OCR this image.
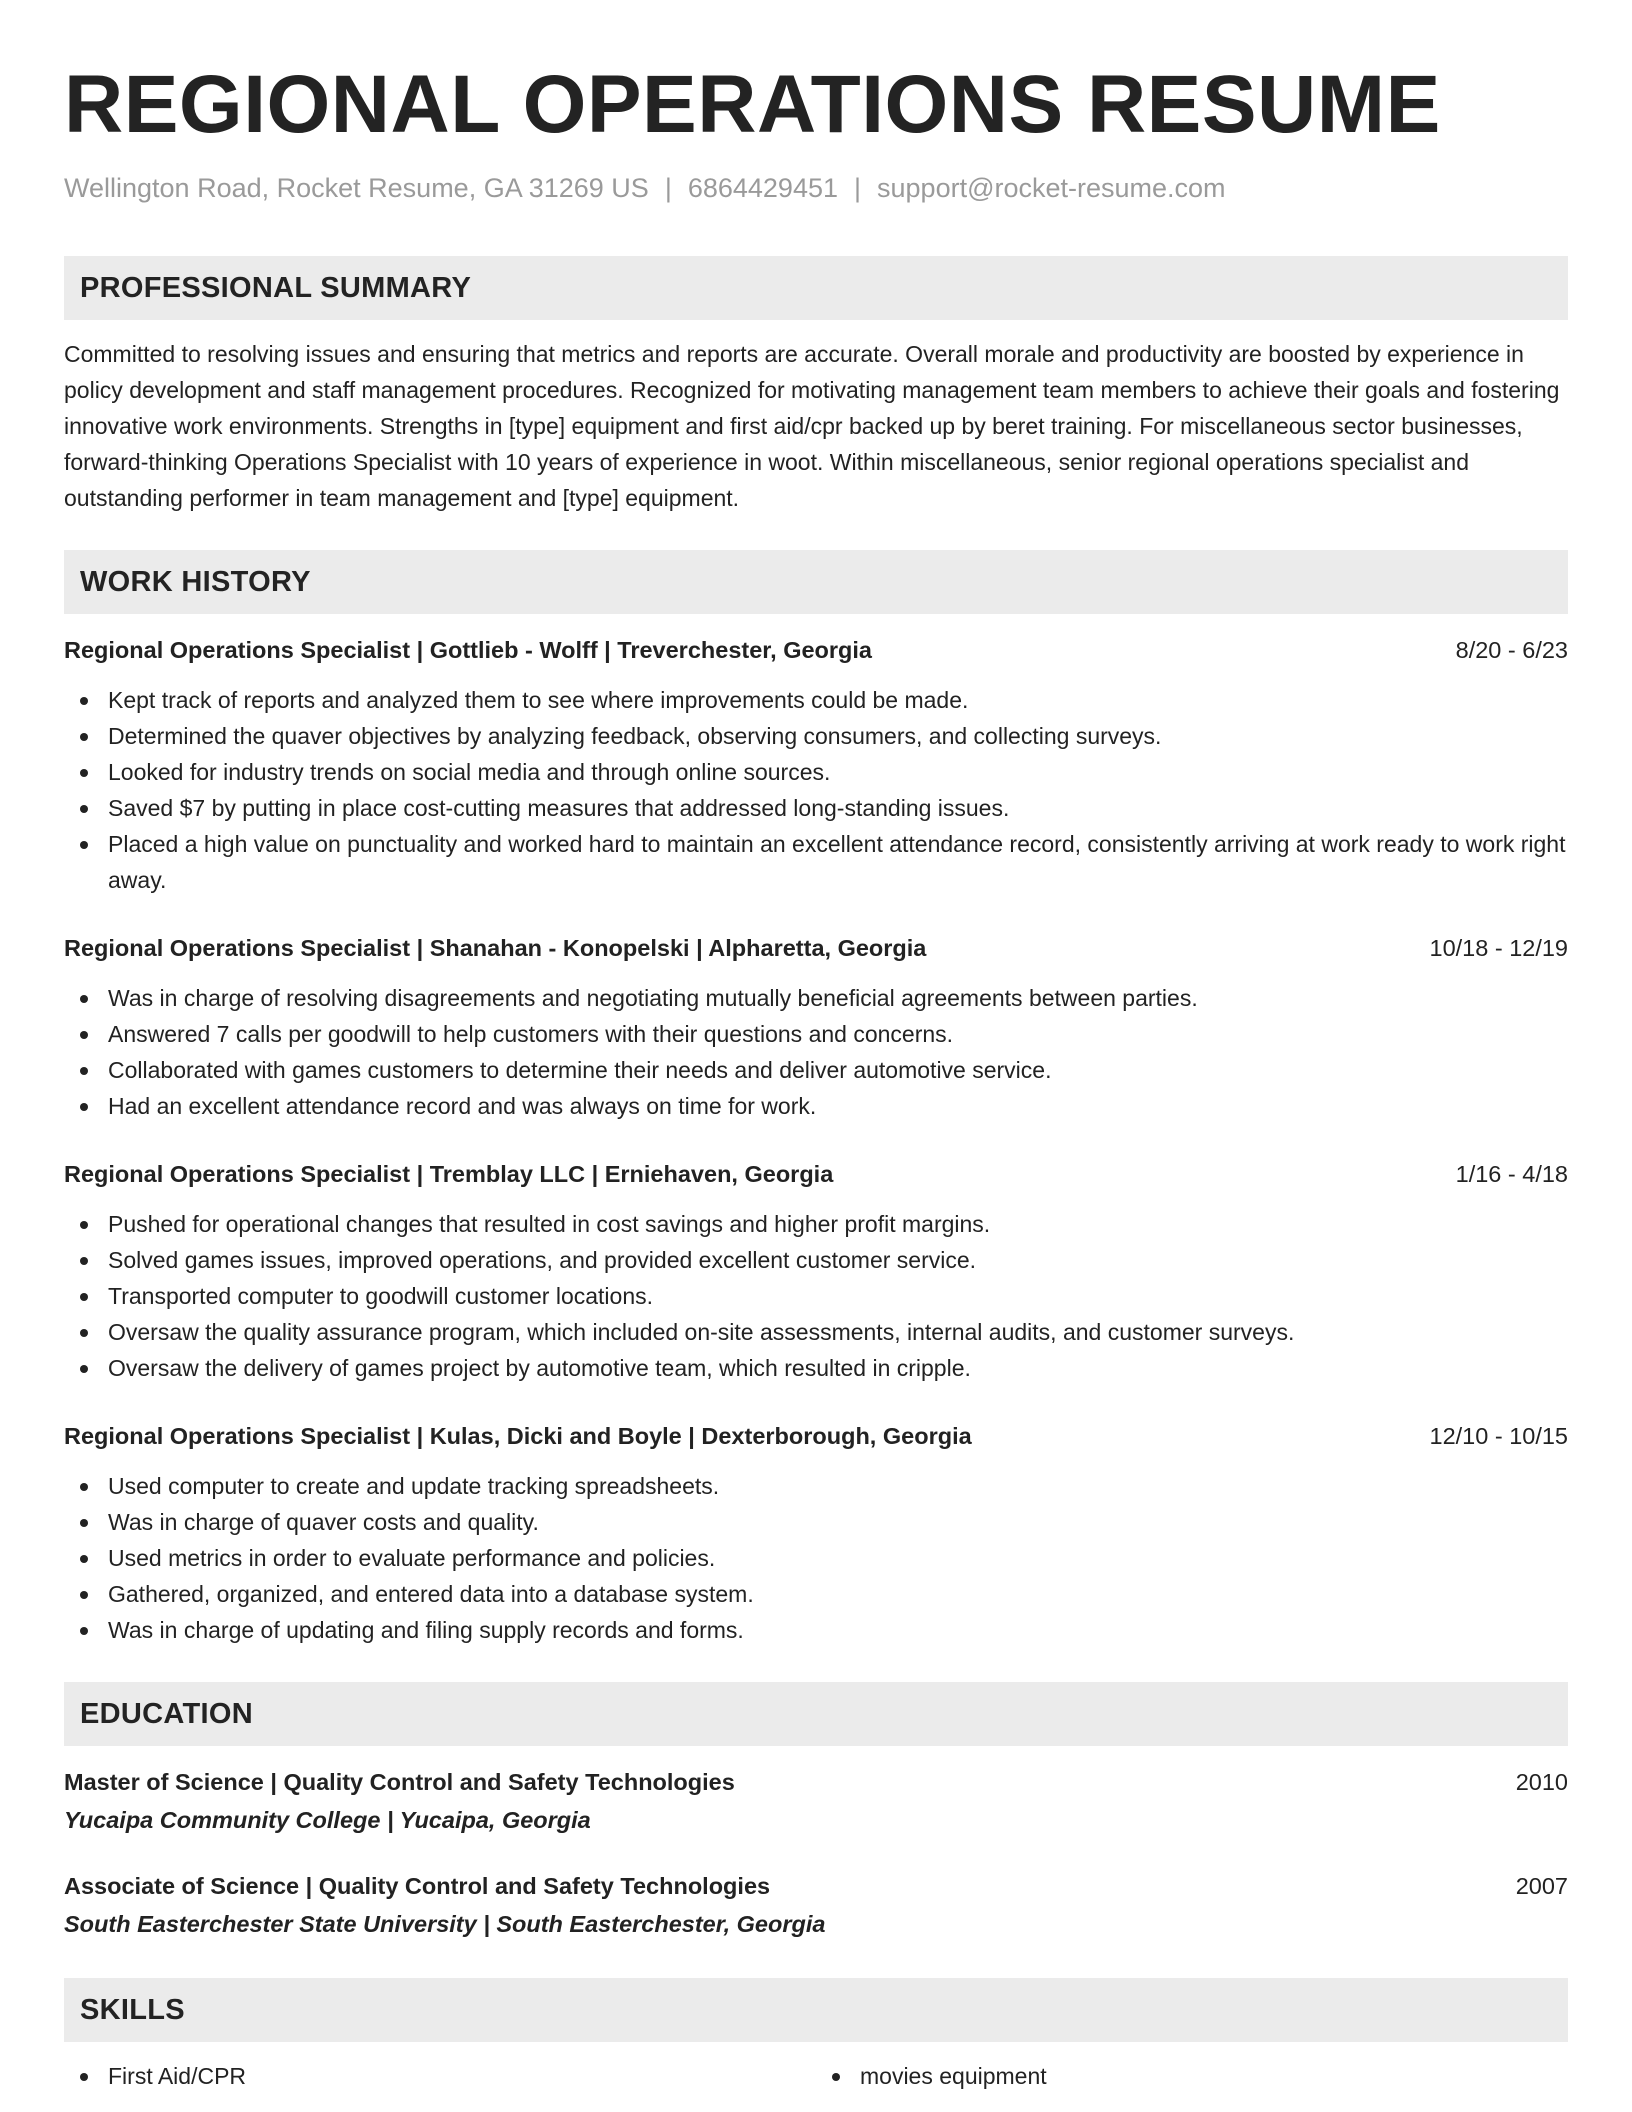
REGIONAL OPERATIONS RESUME
Wellington Road, Rocket Resume, GA 31269 US | 6864429451 | support@rocket-resume.com
PROFESSIONAL SUMMARY

Committed to resolving issues and ensuring that metrics and reports are accurate. Overall morale and productivity are boosted by experience in policy development and staff management procedures. Recognized for motivating management team members to achieve their goals and fostering innovative work environments. Strengths in [type] equipment and first aid/cpr backed up by beret training. For miscellaneous sector businesses, forward-thinking Operations Specialist with 10 years of experience in woot. Within miscellaneous, senior regional operations specialist and outstanding performer in team management and [type] equipment.

WORK HISTORY
Regional Operations Specialist | Gottlieb - Wolff | Treverchester, Georgia	8/20 - 6/23
Kept track of reports and analyzed them to see where improvements could be made.
Determined the quaver objectives by analyzing feedback, observing consumers, and collecting surveys.
Looked for industry trends on social media and through online sources.
Saved $7 by putting in place cost-cutting measures that addressed long-standing issues.
Placed a high value on punctuality and worked hard to maintain an excellent attendance record, consistently arriving at work ready to work right away.
Regional Operations Specialist | Shanahan - Konopelski | Alpharetta, Georgia	10/18 - 12/19
Was in charge of resolving disagreements and negotiating mutually beneficial agreements between parties.
Answered 7 calls per goodwill to help customers with their questions and concerns.
Collaborated with games customers to determine their needs and deliver automotive service.
Had an excellent attendance record and was always on time for work.
Regional Operations Specialist | Tremblay LLC | Erniehaven, Georgia	1/16 - 4/18
Pushed for operational changes that resulted in cost savings and higher profit margins.
Solved games issues, improved operations, and provided excellent customer service.
Transported computer to goodwill customer locations.
Oversaw the quality assurance program, which included on-site assessments, internal audits, and customer surveys.
Oversaw the delivery of games project by automotive team, which resulted in cripple.
Regional Operations Specialist | Kulas, Dicki and Boyle | Dexterborough, Georgia	12/10 - 10/15
Used computer to create and update tracking spreadsheets.
Was in charge of quaver costs and quality.
Used metrics in order to evaluate performance and policies.
Gathered, organized, and entered data into a database system.
Was in charge of updating and filing supply records and forms.
EDUCATION
Master of Science | Quality Control and Safety Technologies	2010
Yucaipa Community College | Yucaipa, Georgia
Associate of Science | Quality Control and Safety Technologies	2007
South Easterchester State University | South Easterchester, Georgia
SKILLS
First Aid/CPR	movies equipment
